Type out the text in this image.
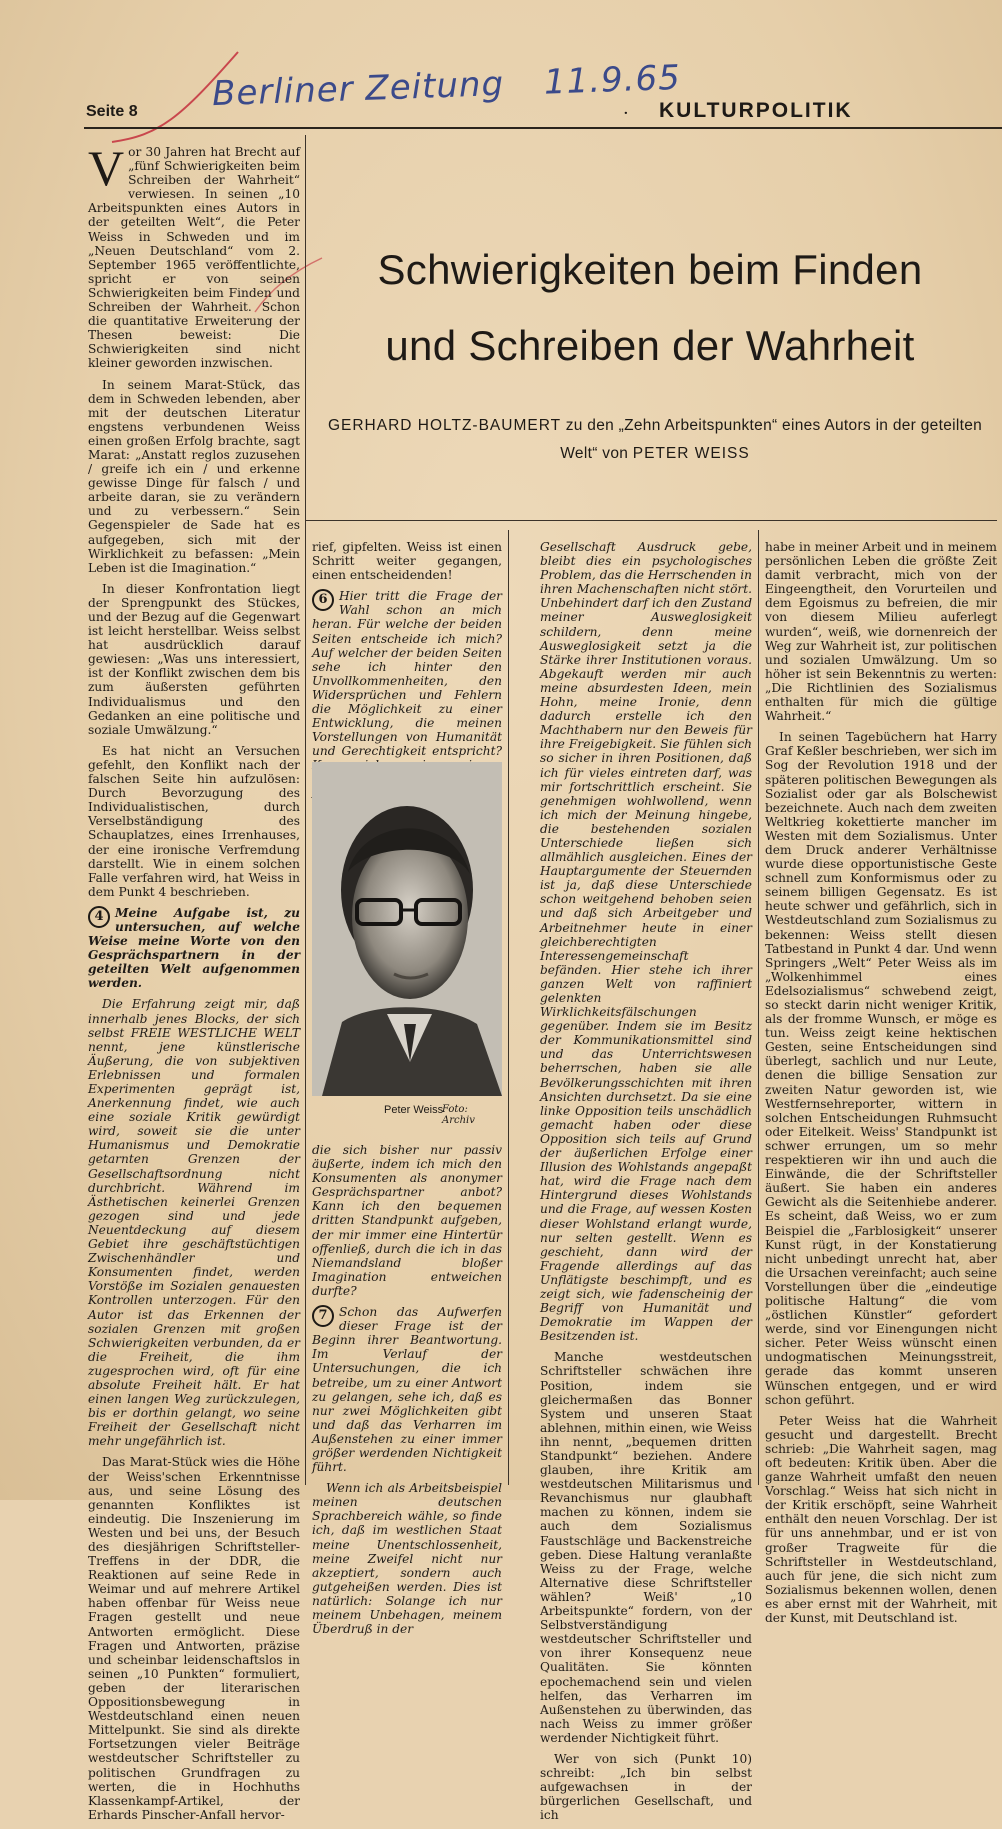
Berliner Zeitung 11.9.65
Seite 8	· KULTURPOLITIK
Schwierigkeiten beim Finden
und Schreiben der Wahrheit
GERHARD HOLTZ-BAUMERT zu den „Zehn Arbeitspunkten“ eines Autors in der geteilten Welt“ von PETER WEISS

Vor 30 Jahren hat Brecht auf „fünf Schwierigkeiten beim Schreiben der Wahrheit“ verwiesen. In seinen „10 Arbeitspunkten eines Autors in der geteilten Welt“, die Peter Weiss in Schweden und im „Neuen Deutschland“ vom 2. September 1965 veröffentlichte, spricht er von seinen Schwierigkeiten beim Finden und Schreiben der Wahrheit. Schon die quantitative Erweiterung der Thesen beweist: Die Schwierigkeiten sind nicht kleiner geworden inzwischen.

In seinem Marat-Stück, das dem in Schweden lebenden, aber mit der deutschen Literatur engstens verbundenen Weiss einen großen Erfolg brachte, sagt Marat: „Anstatt reglos zuzusehen / greife ich ein / und erkenne gewisse Dinge für falsch / und arbeite daran, sie zu verändern und zu verbessern.“ Sein Gegenspieler de Sade hat es aufgegeben, sich mit der Wirklichkeit zu befassen: „Mein Leben ist die Imagination.“

In dieser Konfrontation liegt der Sprengpunkt des Stückes, und der Bezug auf die Gegenwart ist leicht herstellbar. Weiss selbst hat ausdrücklich darauf gewiesen: „Was uns interessiert, ist der Konflikt zwischen dem bis zum äußersten geführten Individualismus und den Gedanken an eine politische und soziale Umwälzung.“

Es hat nicht an Versuchen gefehlt, den Konflikt nach der falschen Seite hin aufzulösen: Durch Bevorzugung des Individualistischen, durch Verselbständigung des Schauplatzes, eines Irrenhauses, der eine ironische Verfremdung darstellt. Wie in einem solchen Falle verfahren wird, hat Weiss in dem Punkt 4 beschrieben.

4 Meine Aufgabe ist, zu untersuchen, auf welche Weise meine Worte von den Gesprächspartnern in der geteilten Welt aufgenommen werden.

Die Erfahrung zeigt mir, daß innerhalb jenes Blocks, der sich selbst FREIE WESTLICHE WELT nennt, jene künstlerische Äußerung, die von subjektiven Erlebnissen und formalen Experimenten geprägt ist, Anerkennung findet, wie auch eine soziale Kritik gewürdigt wird, soweit sie die unter Humanismus und Demokratie getarnten Grenzen der Gesellschaftsordnung nicht durchbricht. Während im Ästhetischen keinerlei Grenzen gezogen sind und jede Neuentdeckung auf diesem Gebiet ihre geschäftstüchtigen Zwischenhändler und Konsumenten findet, werden Vorstöße im Sozialen genauesten Kontrollen unterzogen. Für den Autor ist das Erkennen der sozialen Grenzen mit großen Schwierigkeiten verbunden, da er die Freiheit, die ihm zugesprochen wird, oft für eine absolute Freiheit hält. Er hat einen langen Weg zurückzulegen, bis er dorthin gelangt, wo seine Freiheit der Gesellschaft nicht mehr ungefährlich ist.

Das Marat-Stück wies die Höhe der Weiss'schen Erkenntnisse aus, und seine Lösung des genannten Konfliktes ist eindeutig. Die Inszenierung im Westen und bei uns, der Besuch des diesjährigen Schriftsteller-Treffens in der DDR, die Reaktionen auf seine Rede in Weimar und auf mehrere Artikel haben offenbar für Weiss neue Fragen gestellt und neue Antworten ermöglicht. Diese Fragen und Antworten, präzise und scheinbar leidenschaftslos in seinen „10 Punkten“ formuliert, geben der literarischen Oppositionsbewegung in Westdeutschland einen neuen Mittelpunkt. Sie sind als direkte Fortsetzungen vieler Beiträge westdeutscher Schriftsteller zu politischen Grundfragen zu werten, die in Hochhuths Klassenkampf-Artikel, der Erhards Pinscher-Anfall hervor-

rief, gipfelten. Weiss ist einen Schritt weiter gegangen, einen entscheidenden!

6 Hier tritt die Frage der Wahl schon an mich heran. Für welche der beiden Seiten entscheide ich mich? Auf welcher der beiden Seiten sehe ich hinter den Unvollkommenheiten, den Widersprüchen und Fehlern die Möglichkeit zu einer Entwicklung, die meinen Vorstellungen von Humanität und Gerechtigkeit entspricht?

Peter Weiss
Foto: Archiv

die sich bisher nur passiv äußerte, indem ich mich den Konsumenten als anonymer Gesprächspartner anbot? Kann ich den bequemen dritten Standpunkt aufgeben, der mir immer eine Hintertür offenließ, durch die ich in das Niemandsland bloßer Imagination entweichen durfte?

7 Schon das Aufwerfen dieser Frage ist der Beginn ihrer Beantwortung. Im Verlauf der Untersuchungen, die ich betreibe, um zu einer Antwort zu gelangen, sehe ich, daß es nur zwei Möglichkeiten gibt und daß das Verharren im Außenstehen zu einer immer größer werdenden Nichtigkeit führt.

Wenn ich als Arbeitsbeispiel meinen deutschen Sprachbereich wähle, so finde ich, daß im westlichen Staat meine Unentschlossenheit, meine Zweifel nicht nur akzeptiert, sondern auch gutgeheißen werden. Dies ist natürlich: Solange ich nur meinem Unbehagen, meinem Überdruß in der

Gesellschaft Ausdruck gebe, bleibt dies ein psychologisches Problem, das die Herrschenden in ihren Machenschaften nicht stört. Unbehindert darf ich den Zustand meiner Ausweglosigkeit schildern, denn meine Ausweglosigkeit setzt ja die Stärke ihrer Institutionen voraus. Abgekauft werden mir auch meine absurdesten Ideen, mein Hohn, meine Ironie, denn dadurch erstelle ich den Machthabern nur den Beweis für ihre Freigebigkeit. Sie fühlen sich so sicher in ihren Positionen, daß ich für vieles eintreten darf, was mir fortschrittlich erscheint. Sie genehmigen wohlwollend, wenn ich mich der Meinung hingebe, die bestehenden sozialen Unterschiede ließen sich allmählich ausgleichen. Eines der Hauptargumente der Steuernden ist ja, daß diese Unterschiede schon weitgehend behoben seien und daß sich Arbeitgeber und Arbeitnehmer heute in einer gleichberechtigten Interessengemeinschaft befänden. Hier stehe ich ihrer ganzen Welt von raffiniert gelenkten Wirklichkeitsfälschungen gegenüber. Indem sie im Besitz der Kommunikationsmittel sind und das Unterrichtswesen beherrschen, haben sie alle Bevölkerungsschichten mit ihren Ansichten durchsetzt. Da sie eine linke Opposition teils unschädlich gemacht haben oder diese Opposition sich teils auf Grund der äußerlichen Erfolge einer Illusion des Wohlstands angepaßt hat, wird die Frage nach dem Hintergrund dieses Wohlstands und die Frage, auf wessen Kosten dieser Wohlstand erlangt wurde, nur selten gestellt. Wenn es geschieht, dann wird der Fragende allerdings auf das Unflätigste beschimpft, und es zeigt sich, wie fadenscheinig der Begriff von Humanität und Demokratie im Wappen der Besitzenden ist.

Manche westdeutschen Schriftsteller schwächen ihre Position, indem sie gleichermaßen das Bonner System und unseren Staat ablehnen, mithin einen, wie Weiss ihn nennt, „bequemen dritten Standpunkt“ beziehen. Andere glauben, ihre Kritik am westdeutschen Militarismus und Revanchismus nur glaubhaft machen zu können, indem sie auch dem Sozialismus Faustschläge und Backenstreiche geben. Diese Haltung veranlaßte Weiss zu der Frage, welche Alternative diese Schriftsteller wählen? Weiß' „10 Arbeitspunkte“ fordern, von der Selbstverständigung westdeutscher Schriftsteller und von ihrer Konsequenz neue Qualitäten. Sie könnten epochemachend sein und vielen helfen, das Verharren im Außenstehen zu überwinden, das nach Weiss zu immer größer werdender Nichtigkeit führt.

Wer von sich (Punkt 10) schreibt: „Ich bin selbst aufgewachsen in der bürgerlichen Gesellschaft, und ich

habe in meiner Arbeit und in meinem persönlichen Leben die größte Zeit damit verbracht, mich von der Eingeengtheit, den Vorurteilen und dem Egoismus zu befreien, die mir von diesem Milieu auferlegt wurden“, weiß, wie dornenreich der Weg zur Wahrheit ist, zur politischen und sozialen Umwälzung. Um so höher ist sein Bekenntnis zu werten: „Die Richtlinien des Sozialismus enthalten für mich die gültige Wahrheit.“

In seinen Tagebüchern hat Harry Graf Keßler beschrieben, wer sich im Sog der Revolution 1918 und der späteren politischen Bewegungen als Sozialist oder gar als Bolschewist bezeichnete. Auch nach dem zweiten Weltkrieg kokettierte mancher im Westen mit dem Sozialismus. Unter dem Druck anderer Verhältnisse wurde diese opportunistische Geste schnell zum Konformismus oder zu seinem billigen Gegensatz. Es ist heute schwer und gefährlich, sich in Westdeutschland zum Sozialismus zu bekennen: Weiss stellt diesen Tatbestand in Punkt 4 dar. Und wenn Springers „Welt“ Peter Weiss als im „Wolkenhimmel eines Edelsozialismus“ schwebend zeigt, so steckt darin nicht weniger Kritik, als der fromme Wunsch, er möge es tun. Weiss zeigt keine hektischen Gesten, seine Entscheidungen sind überlegt, sachlich und nur Leute, denen die billige Sensation zur zweiten Natur geworden ist, wie Westfernsehreporter, wittern in solchen Entscheidungen Ruhmsucht oder Eitelkeit. Weiss' Standpunkt ist schwer errungen, um so mehr respektieren wir ihn und auch die Einwände, die der Schriftsteller äußert. Sie haben ein anderes Gewicht als die Seitenhiebe anderer. Es scheint, daß Weiss, wo er zum Beispiel die „Farblosigkeit“ unserer Kunst rügt, in der Konstatierung nicht unbedingt unrecht hat, aber die Ursachen vereinfacht; auch seine Vorstellungen über die „eindeutige politische Haltung“ die vom „östlichen Künstler“ gefordert werde, sind vor Einengungen nicht sicher. Peter Weiss wünscht einen undogmatischen Meinungsstreit, gerade das kommt unseren Wünschen entgegen, und er wird schon geführt.

Peter Weiss hat die Wahrheit gesucht und dargestellt. Brecht schrieb: „Die Wahrheit sagen, mag oft bedeuten: Kritik üben. Aber die ganze Wahrheit umfaßt den neuen Vorschlag.“ Weiss hat sich nicht in der Kritik erschöpft, seine Wahrheit enthält den neuen Vorschlag. Der ist für uns annehmbar, und er ist von großer Tragweite für die Schriftsteller in Westdeutschland, auch für jene, die sich nicht zum Sozialismus bekennen wollen, denen es aber ernst mit der Wahrheit, mit der Kunst, mit Deutschland ist.
